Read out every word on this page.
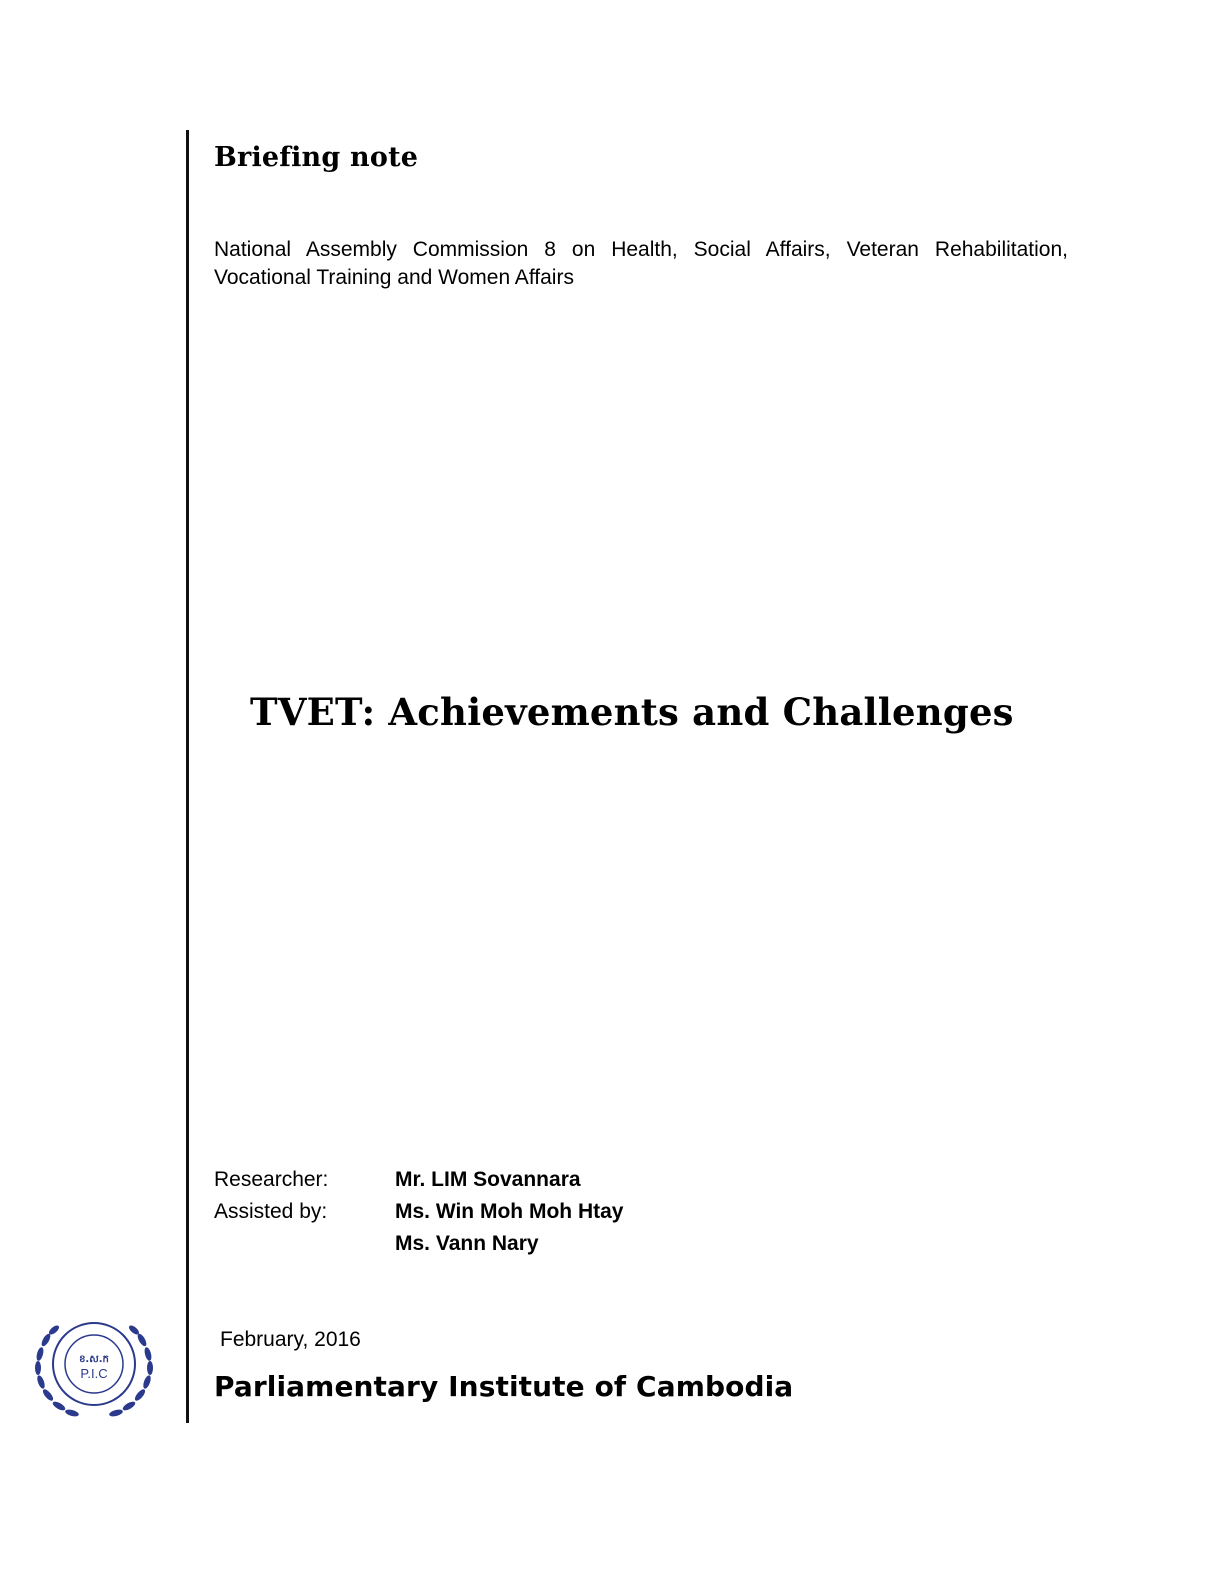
Briefing note
National Assembly Commission 8 on Health, Social Affairs, Veteran Rehabilitation, Vocational Training and Women Affairs
TVET: Achievements and Challenges
Researcher:	Mr. LIM Sovannara
Assisted by:	Ms. Win Moh Moh Htay
Ms. Vann Nary
February, 2016
Parliamentary Institute of Cambodia
ខ.ស.ក
P.I.C
